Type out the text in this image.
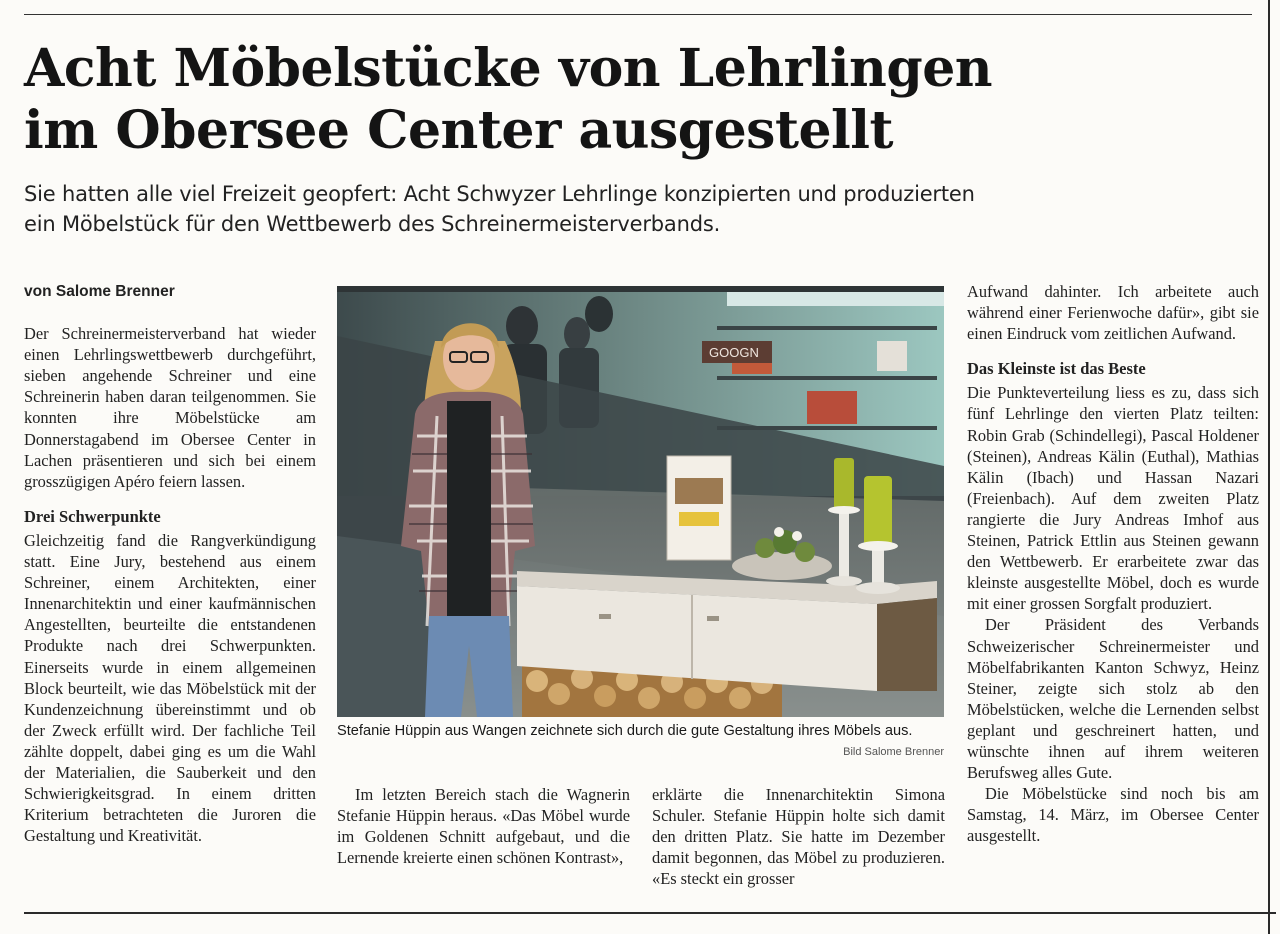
Acht Möbelstücke von Lehrlingen
im Obersee Center ausgestellt

Sie hatten alle viel Freizeit geopfert: Acht Schwyzer Lehrlinge konzipierten und produzierten
ein Möbelstück für den Wettbewerb des Schreinermeisterverbands.

von Salome Brenner

Der Schreinermeisterverband hat wieder einen Lehrlingswettbewerb durchgeführt, sieben angehende Schreiner und eine Schreinerin haben daran teilgenommen. Sie konnten ihre Möbelstücke am Donnerstagabend im Obersee Center in Lachen präsentieren und sich bei einem grosszügigen Apéro feiern lassen.

Drei Schwerpunkte

Gleichzeitig fand die Rangverkündigung statt. Eine Jury, bestehend aus einem Schreiner, einem Architekten, einer Innenarchitektin und einer kaufmännischen Angestellten, beurteilte die entstandenen Produkte nach drei Schwerpunkten. Einerseits wurde in einem allgemeinen Block beurteilt, wie das Möbelstück mit der Kundenzeichnung übereinstimmt und ob der Zweck erfüllt wird. Der fachliche Teil zählte doppelt, dabei ging es um die Wahl der Materialien, die Sauberkeit und den Schwierigkeitsgrad. In einem dritten Kriterium betrachteten die Juroren die Gestaltung und Kreativität.

GOOGN

Stefanie Hüppin aus Wangen zeichnete sich durch die gute Gestaltung ihres Möbels aus.

Bild Salome Brenner

Im letzten Bereich stach die Wagnerin Stefanie Hüppin heraus. «Das Möbel wurde im Goldenen Schnitt aufgebaut, und die Lernende kreierte einen schönen Kontrast»,

erklärte die Innenarchitektin Simona Schuler. Stefanie Hüppin holte sich damit den dritten Platz. Sie hatte im Dezember damit begonnen, das Möbel zu produzieren. «Es steckt ein grosser

Aufwand dahinter. Ich arbeitete auch während einer Ferienwoche dafür», gibt sie einen Eindruck vom zeitlichen Aufwand.

Das Kleinste ist das Beste

Die Punkteverteilung liess es zu, dass sich fünf Lehrlinge den vierten Platz teilten: Robin Grab (Schindellegi), Pascal Holdener (Steinen), Andreas Kälin (Euthal), Mathias Kälin (Ibach) und Hassan Nazari (Freienbach). Auf dem zweiten Platz rangierte die Jury Andreas Imhof aus Steinen, Patrick Ettlin aus Steinen gewann den Wettbewerb. Er erarbeitete zwar das kleinste ausgestellte Möbel, doch es wurde mit einer grossen Sorgfalt produziert.

Der Präsident des Verbands Schweizerischer Schreinermeister und Möbelfabrikanten Kanton Schwyz, Heinz Steiner, zeigte sich stolz ab den Möbelstücken, welche die Lernenden selbst geplant und geschreinert hatten, und wünschte ihnen auf ihrem weiteren Berufsweg alles Gute.

Die Möbelstücke sind noch bis am Samstag, 14. März, im Obersee Center ausgestellt.
